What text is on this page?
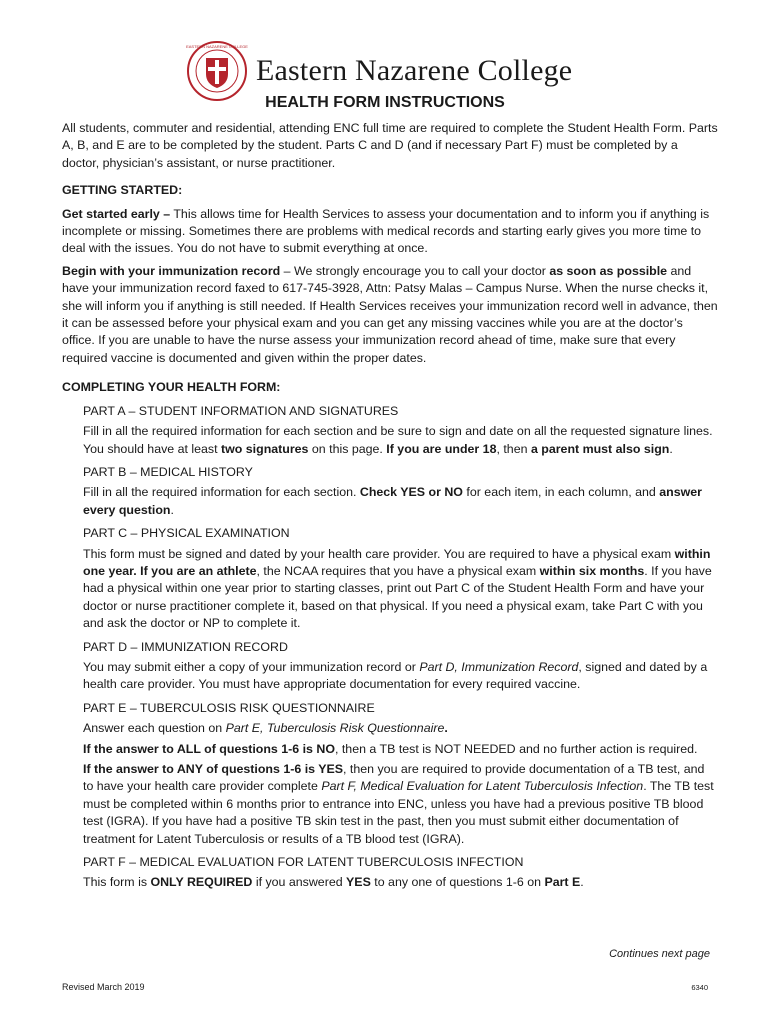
EASTERN NAZARENE COLLEGE
Eastern Nazarene College
HEALTH FORM INSTRUCTIONS

All students, commuter and residential, attending ENC full time are required to complete the Student Health Form. Parts A, B, and E are to be completed by the student. Parts C and D (and if necessary Part F) must be completed by a doctor, physician’s assistant, or nurse practitioner.

GETTING STARTED:

Get started early – This allows time for Health Services to assess your documentation and to inform you if anything is incomplete or missing. Sometimes there are problems with medical records and starting early gives you more time to deal with the issues. You do not have to submit everything at once.

Begin with your immunization record – We strongly encourage you to call your doctor as soon as possible and have your immunization record faxed to 617-745-3928, Attn: Patsy Malas – Campus Nurse. When the nurse checks it, she will inform you if anything is still needed. If Health Services receives your immunization record well in advance, then it can be assessed before your physical exam and you can get any missing vaccines while you are at the doctor’s office. If you are unable to have the nurse assess your immunization record ahead of time, make sure that every required vaccine is documented and given within the proper dates.

COMPLETING YOUR HEALTH FORM:

PART A – STUDENT INFORMATION AND SIGNATURES

Fill in all the required information for each section and be sure to sign and date on all the requested signature lines. You should have at least two signatures on this page. If you are under 18, then a parent must also sign.

PART B – MEDICAL HISTORY

Fill in all the required information for each section. Check YES or NO for each item, in each column, and answer every question.

PART C – PHYSICAL EXAMINATION

This form must be signed and dated by your health care provider. You are required to have a physical exam within one year. If you are an athlete, the NCAA requires that you have a physical exam within six months. If you have had a physical within one year prior to starting classes, print out Part C of the Student Health Form and have your doctor or nurse practitioner complete it, based on that physical. If you need a physical exam, take Part C with you and ask the doctor or NP to complete it.

PART D – IMMUNIZATION RECORD

You may submit either a copy of your immunization record or Part D, Immunization Record, signed and dated by a health care provider. You must have appropriate documentation for every required vaccine.

PART E – TUBERCULOSIS RISK QUESTIONNAIRE

Answer each question on Part E, Tuberculosis Risk Questionnaire.

If the answer to ALL of questions 1-6 is NO, then a TB test is NOT NEEDED and no further action is required.

If the answer to ANY of questions 1-6 is YES, then you are required to provide documentation of a TB test, and to have your health care provider complete Part F, Medical Evaluation for Latent Tuberculosis Infection. The TB test must be completed within 6 months prior to entrance into ENC, unless you have had a previous positive TB blood test (IGRA). If you have had a positive TB skin test in the past, then you must submit either documentation of treatment for Latent Tuberculosis or results of a TB blood test (IGRA).

PART F – MEDICAL EVALUATION FOR LATENT TUBERCULOSIS INFECTION

This form is ONLY REQUIRED if you answered YES to any one of questions 1-6 on Part E.

Continues next page
Revised March 2019	6340
